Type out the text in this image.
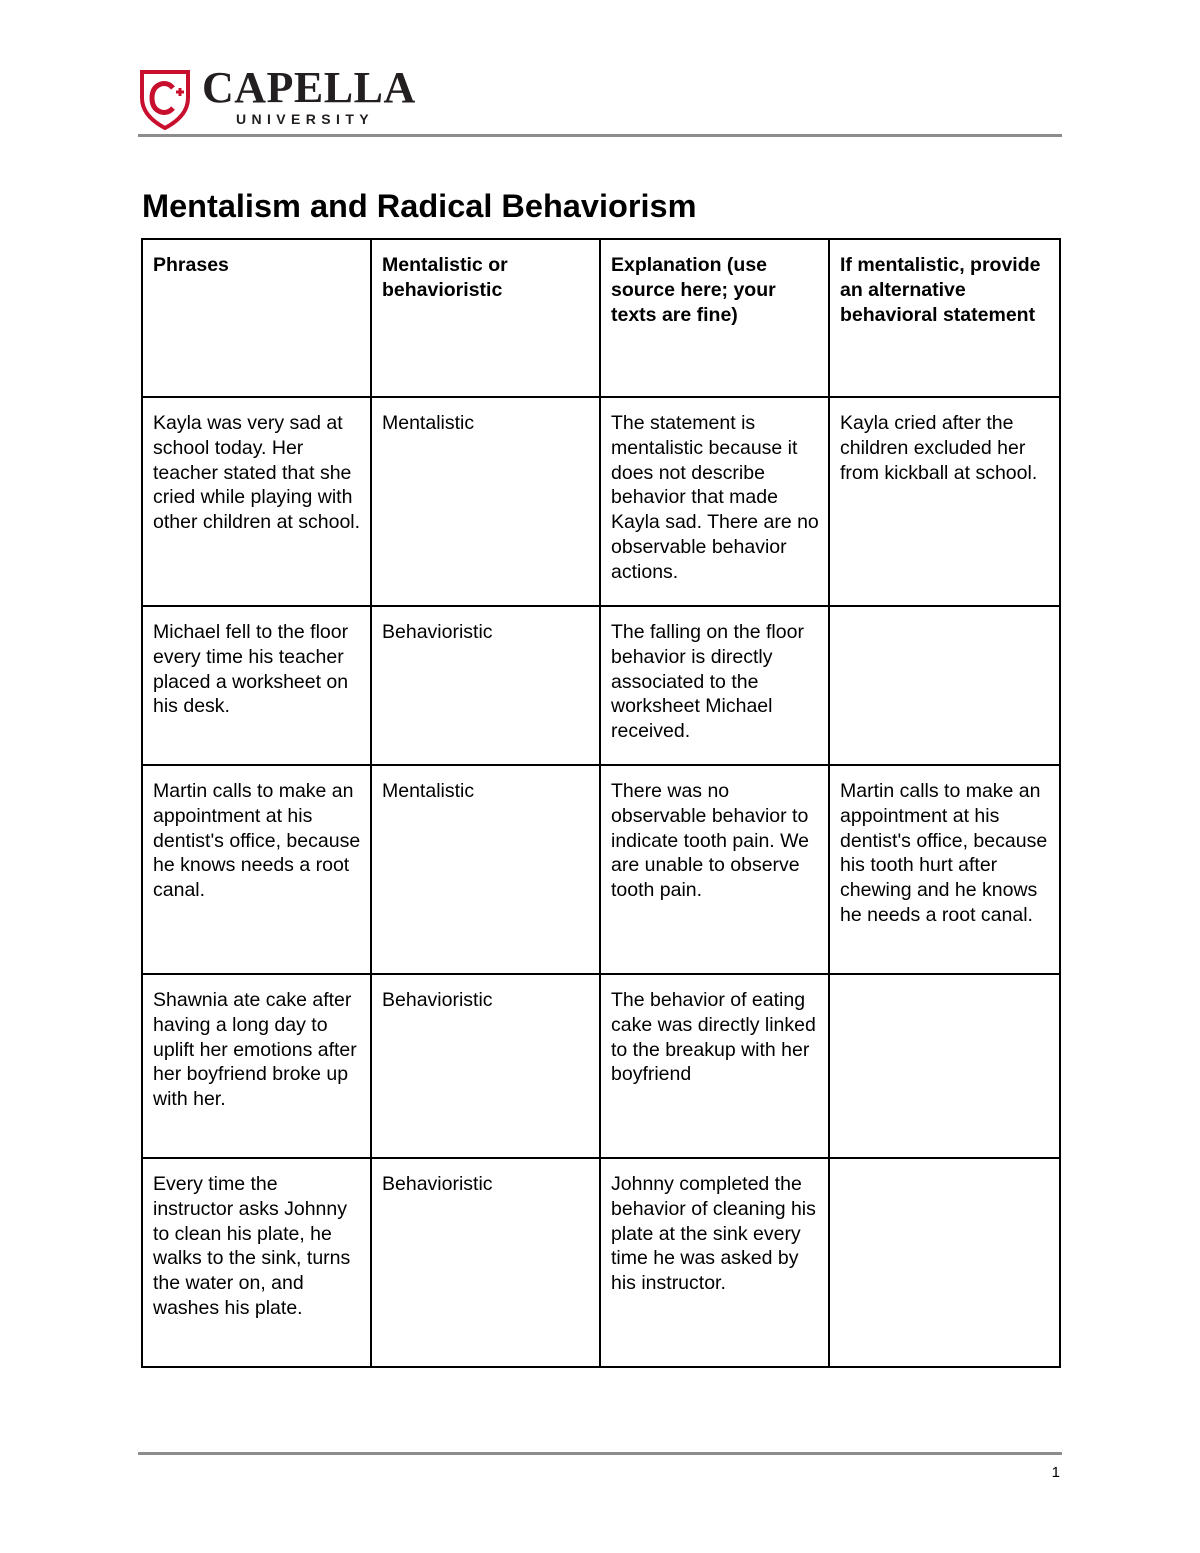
CAPELLA
UNIVERSITY
Mentalism and Radical Behaviorism
Phrases	Mentalistic or behavioristic	Explanation (use source here; your texts are fine)	If mentalistic, provide an alternative behavioral statement
Kayla was very sad at school today. Her teacher stated that she cried while playing with other children at school.	Mentalistic	The statement is mentalistic because it does not describe behavior that made Kayla sad. There are no observable behavior actions.	Kayla cried after the children excluded her from kickball at school.
Michael fell to the floor every time his teacher placed a worksheet on his desk.	Behavioristic	The falling on the floor behavior is directly associated to the worksheet Michael received.	
Martin calls to make an appointment at his dentist's office, because he knows needs a root canal.	Mentalistic	There was no observable behavior to indicate tooth pain. We are unable to observe tooth pain.	Martin calls to make an appointment at his dentist's office, because his tooth hurt after chewing and he knows he needs a root canal.
Shawnia ate cake after having a long day to uplift her emotions after her boyfriend broke up with her.	Behavioristic	The behavior of eating cake was directly linked to the breakup with her boyfriend	
Every time the instructor asks Johnny to clean his plate, he walks to the sink, turns the water on, and washes his plate.	Behavioristic	Johnny completed the behavior of cleaning his plate at the sink every time he was asked by his instructor.	
1
